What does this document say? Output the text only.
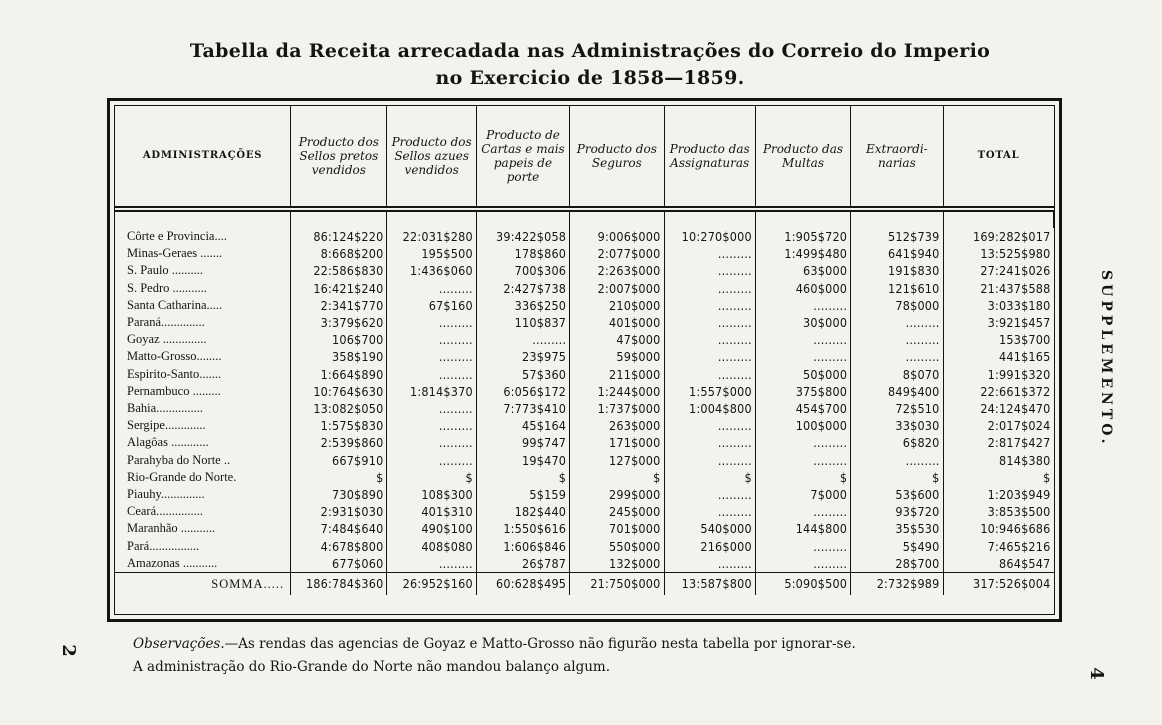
Tabella da Receita arrecadada nas Administrações do Correio do Imperio
no Exercicio de 1858—1859.
ADMINISTRAÇÕES	Producto dos Sellos pretos vendidos	Producto dos Sellos azues vendidos	Producto de Cartas e mais papeis de porte	Producto dos Seguros	Producto das Assignaturas	Producto das Multas	Extraordi-narias	TOTAL

Côrte e Provincia....	86:124$220	22:031$280	39:422$058	9:006$000	10:270$000	1:905$720	512$739	169:282$017
Minas-Geraes .......	8:668$200	195$500	178$860	2:077$000	.........	1:499$480	641$940	13:525$980
S. Paulo ..........	22:586$830	1:436$060	700$306	2:263$000	.........	63$000	191$830	27:241$026
S. Pedro ...........	16:421$240	.........	2:427$738	2:007$000	.........	460$000	121$610	21:437$588
Santa Catharina.....	2:341$770	67$160	336$250	210$000	.........	.........	78$000	3:033$180
Paraná..............	3:379$620	.........	110$837	401$000	.........	30$000	.........	3:921$457
Goyaz ..............	106$700	.........	.........	47$000	.........	.........	.........	153$700
Matto-Grosso........	358$190	.........	23$975	59$000	.........	.........	.........	441$165
Espirito-Santo.......	1:664$890	.........	57$360	211$000	.........	50$000	8$070	1:991$320
Pernambuco .........	10:764$630	1:814$370	6:056$172	1:244$000	1:557$000	375$800	849$400	22:661$372
Bahia...............	13:082$050	.........	7:773$410	1:737$000	1:004$800	454$700	72$510	24:124$470
Sergipe.............	1:575$830	.........	45$164	263$000	.........	100$000	33$030	2:017$024
Alagôas ............	2:539$860	.........	99$747	171$000	.........	.........	6$820	2:817$427
Parahyba do Norte ..	667$910	.........	19$470	127$000	.........	.........	.........	814$380
Rio-Grande do Norte.	$	$	$	$	$	$	$	$
Piauhy..............	730$890	108$300	5$159	299$000	.........	7$000	53$600	1:203$949
Ceará...............	2:931$030	401$310	182$440	245$000	.........	.........	93$720	3:853$500
Maranhão ...........	7:484$640	490$100	1:550$616	701$000	540$000	144$800	35$530	10:946$686
Pará................	4:678$800	408$080	1:606$846	550$000	216$000	.........	5$490	7:465$216
Amazonas ...........	677$060	.........	26$787	132$000	.........	.........	28$700	864$547
SOMMA.....	186:784$360	26:952$160	60:628$495	21:750$000	13:587$800	5:090$500	2:732$989	317:526$004
Observações.—As rendas das agencias de Goyaz e Matto-Grosso não figurão nesta tabella por ignorar-se.
A administração do Rio-Grande do Norte não mandou balanço algum.
SUPPLEMENTO.
2
4
